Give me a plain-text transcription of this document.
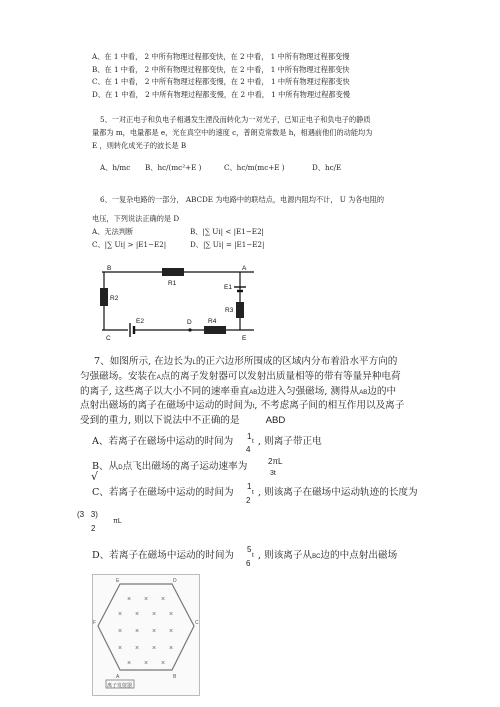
A、在 1 中看， 2 中所有物理过程都变快，在 2 中看， 1 中所有物理过程都变慢
B、在 1 中看， 2 中所有物理过程都变快，在 2 中看， 1 中所有物理过程都变快
C、在 1 中看， 2 中所有物理过程都变慢，在 2 中看， 1 中所有物理过程都变快
D、在 1 中看， 2 中所有物理过程都变慢，在 2 中看， 1 中所有物理过程都变慢
5、一对正电子和负电子相遇发生湮没而转化为一对光子，已知正电子和负电子的静质
量都为 m，电量都是 e，光在真空中的速度 c，普朗克常数是 h，相遇前他们的动能均为
E ，则转化成光子的波长是 B
A、h/mc B、hc/(mc²+E )	C、hc/m(mc+E )	D、hc/E
6、一复杂电路的一部分， ABCDE 为电路中的联结点，电源内阻均不计， U 为各电阻的
电压，下列说法正确的是 D
A、无法判断	B、|∑ Ui| < |E1−E2|
C、|∑ Ui| > |E1−E2|	D、|∑ Ui| = |E1−E2|
B	A
R1
E1
R2
R3
C
E2	D	R4
E
7、如图所示, 在边长为L的正六边形所围成的区域内分布着沿水平方向的
匀强磁场。安装在A点的离子发射器可以发射出质量相等的带有等量异种电荷
的离子, 这些离子以大小不同的速率垂直AB边进入匀强磁场, 测得从AB边的中
点射出磁场的离子在磁场中运动的时间为t, 不考虑离子间的相互作用以及离子
受到的重力, 则以下说法中不正确的是	ABD
A、若离子在磁场中运动的时间为 1
t
4
, 则离子带正电
B、从D点飞出磁场的离子运动速率为	2πL
3t
√
C、若离子在磁场中运动的时间为
1
t
2
, 则该离子在磁场中运动轨迹的长度为
(3   3)
πL
2
D、若离子在磁场中运动的时间为
5
t
6
, 则该离子从BC边的中点射出磁场
× × ×
× × × ×
× × × ×
× × × ×
× × ×
E	D
F	C
A	B
离子发射器
